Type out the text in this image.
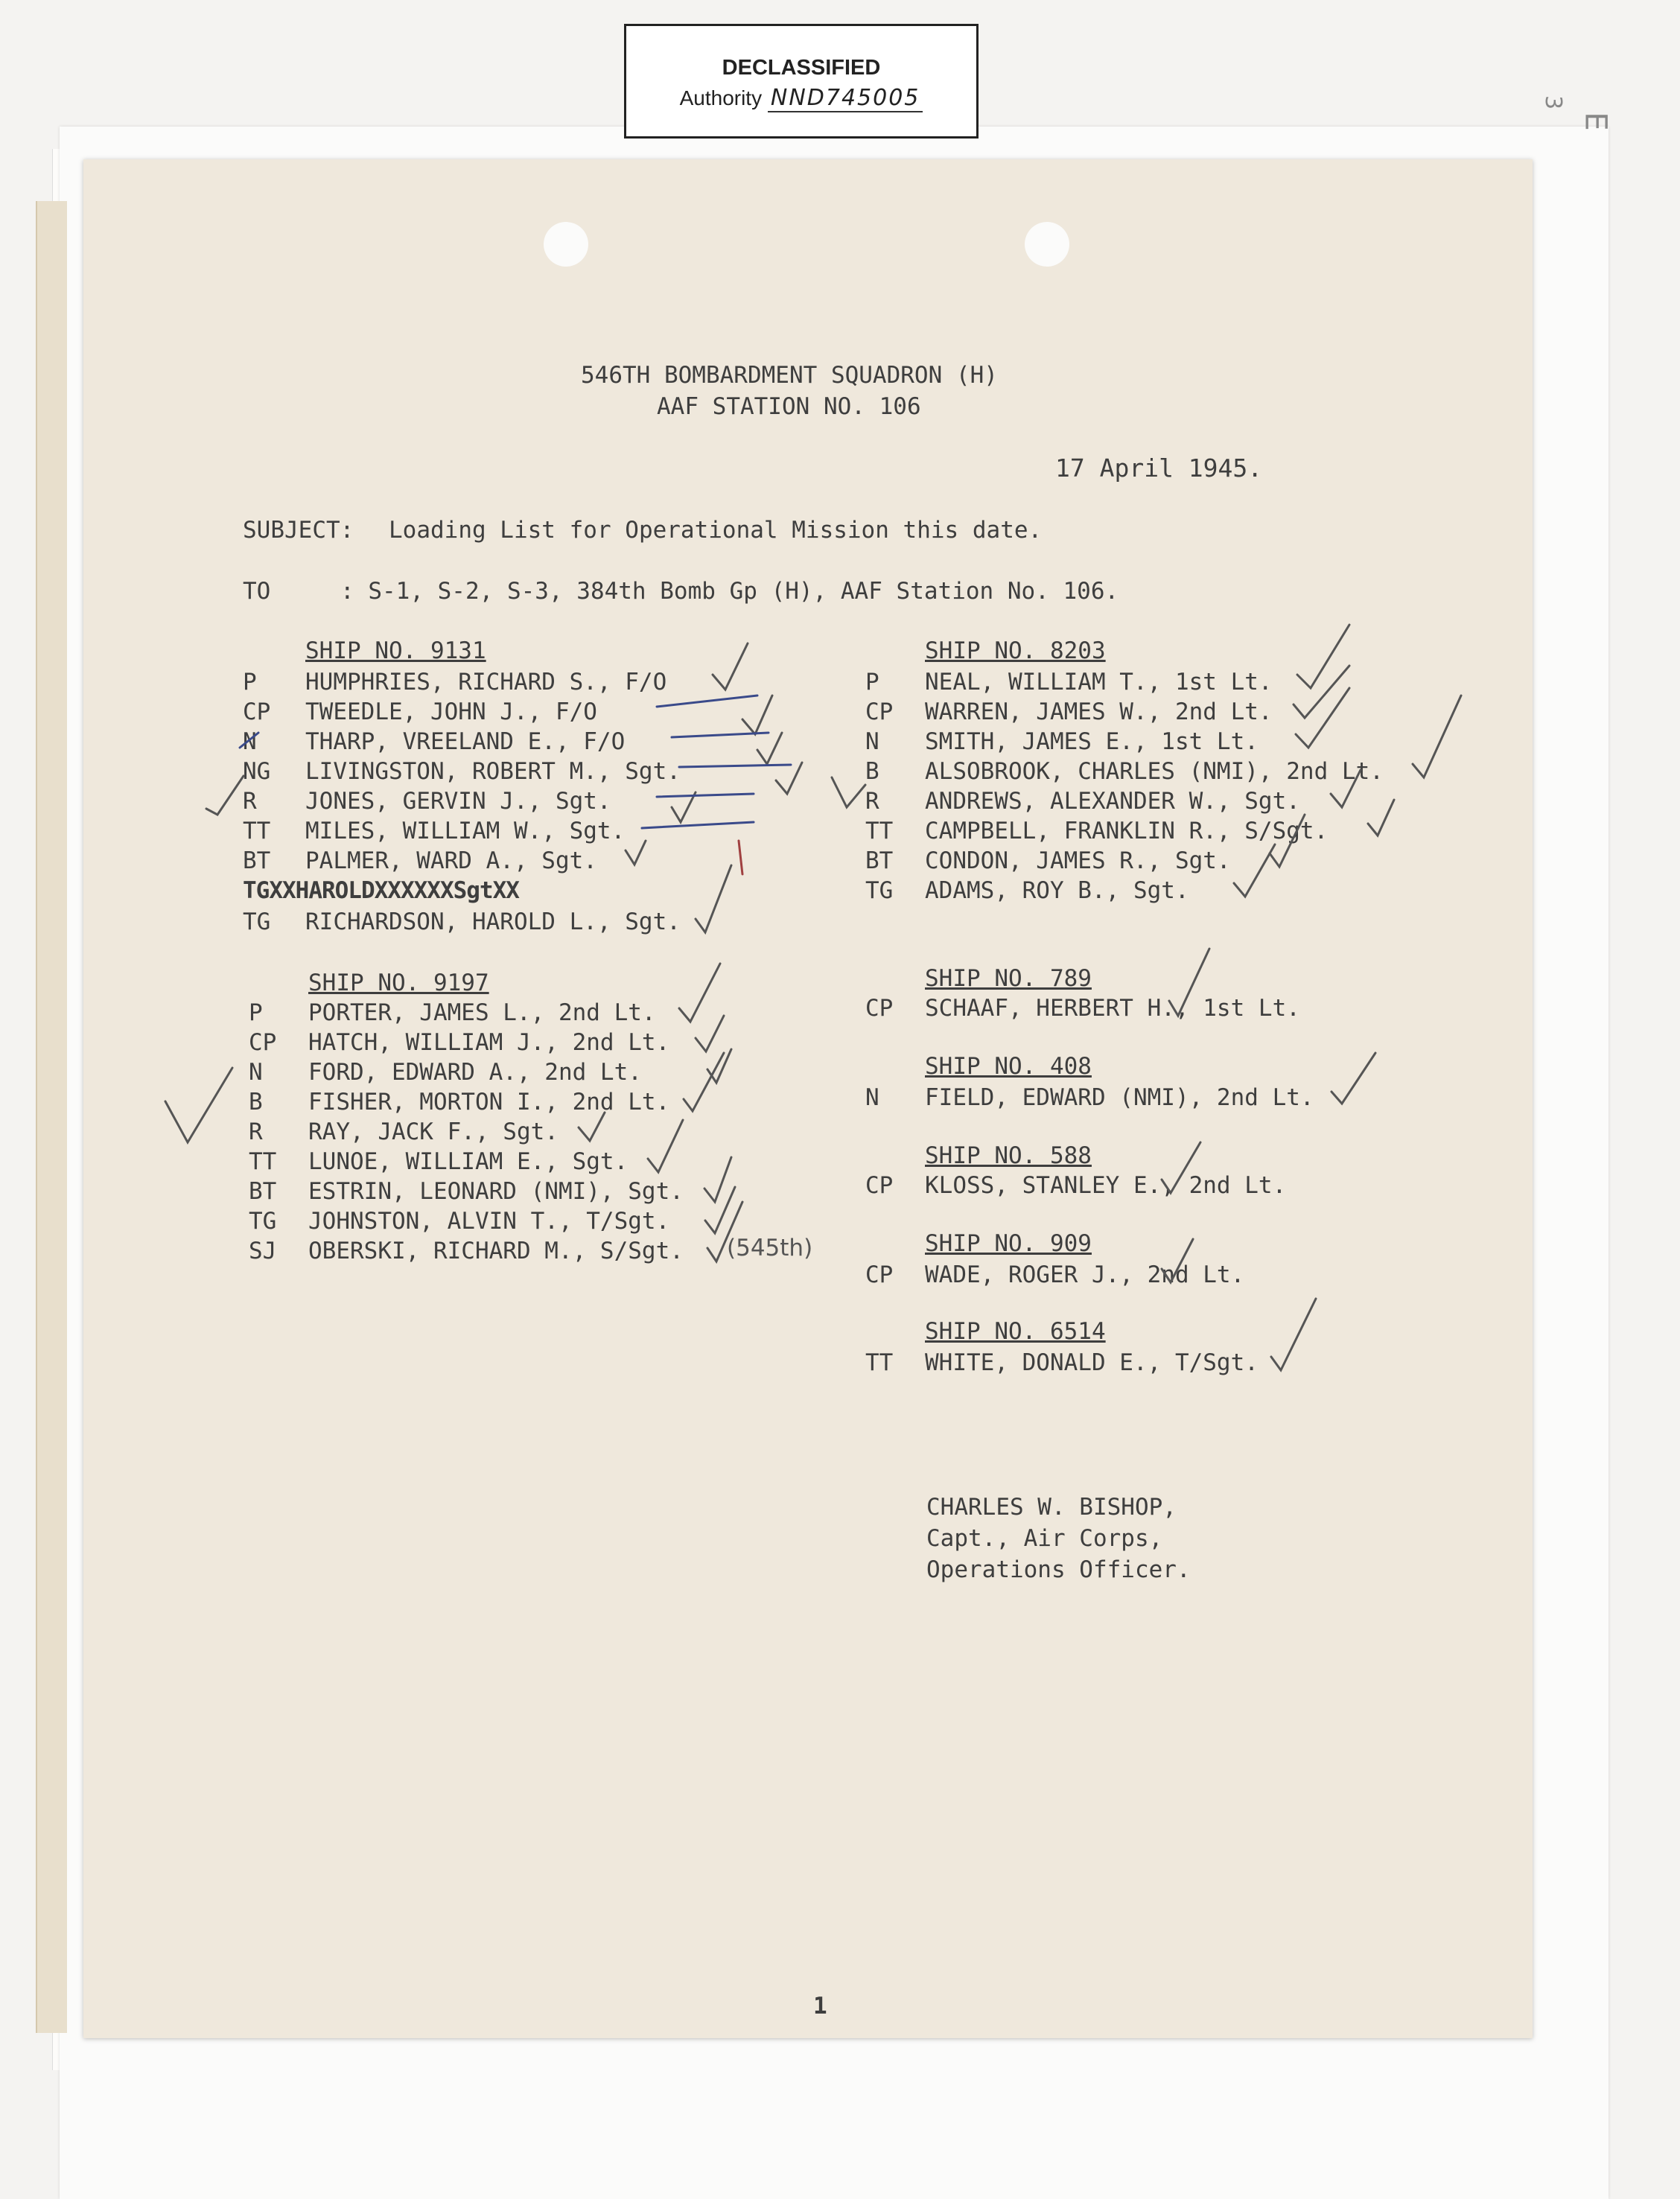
DECLASSIFIED
Authority NND745005	3
E
546TH BOMBARDMENT SQUADRON (H)
AAF STATION NO. 106
17 April 1945.
SUBJECT: Loading List for Operational Mission this date.
TO	: S-1, S-2, S-3, 384th Bomb Gp (H), AAF Station No. 106.
SHIP NO. 9131
P HUMPHRIES, RICHARD S., F/O
CP TWEEDLE, JOHN J., F/O
N THARP, VREELAND E., F/O
NG LIVINGSTON, ROBERT M., Sgt.
R JONES, GERVIN J., Sgt.
TT MILES, WILLIAM W., Sgt.
BT PALMER, WARD A., Sgt.
TGXXHAROLDXXXXXXSgtXX
TG RICHARDSON, HAROLD L., Sgt.
SHIP NO. 9197
P PORTER, JAMES L., 2nd Lt.
CP HATCH, WILLIAM J., 2nd Lt.
N FORD, EDWARD A., 2nd Lt.
B FISHER, MORTON I., 2nd Lt.
R RAY, JACK F., Sgt.
TT LUNOE, WILLIAM E., Sgt.
BT ESTRIN, LEONARD (NMI), Sgt.
TG JOHNSTON, ALVIN T., T/Sgt.
SJ OBERSKI, RICHARD M., S/Sgt. (545th)
SHIP NO. 8203
P NEAL, WILLIAM T., 1st Lt.
CP WARREN, JAMES W., 2nd Lt.
N SMITH, JAMES E., 1st Lt.
B ALSOBROOK, CHARLES (NMI), 2nd Lt.
R ANDREWS, ALEXANDER W., Sgt.
TT CAMPBELL, FRANKLIN R., S/Sgt.
BT CONDON, JAMES R., Sgt.
TG ADAMS, ROY B., Sgt.
SHIP NO. 789
CP SCHAAF, HERBERT H., 1st Lt.
SHIP NO. 408
N FIELD, EDWARD (NMI), 2nd Lt.
SHIP NO. 588
CP KLOSS, STANLEY E., 2nd Lt.
SHIP NO. 909
CP WADE, ROGER J., 2nd Lt.
SHIP NO. 6514
TT WHITE, DONALD E., T/Sgt.
CHARLES W. BISHOP,
Capt., Air Corps,
Operations Officer.
1
